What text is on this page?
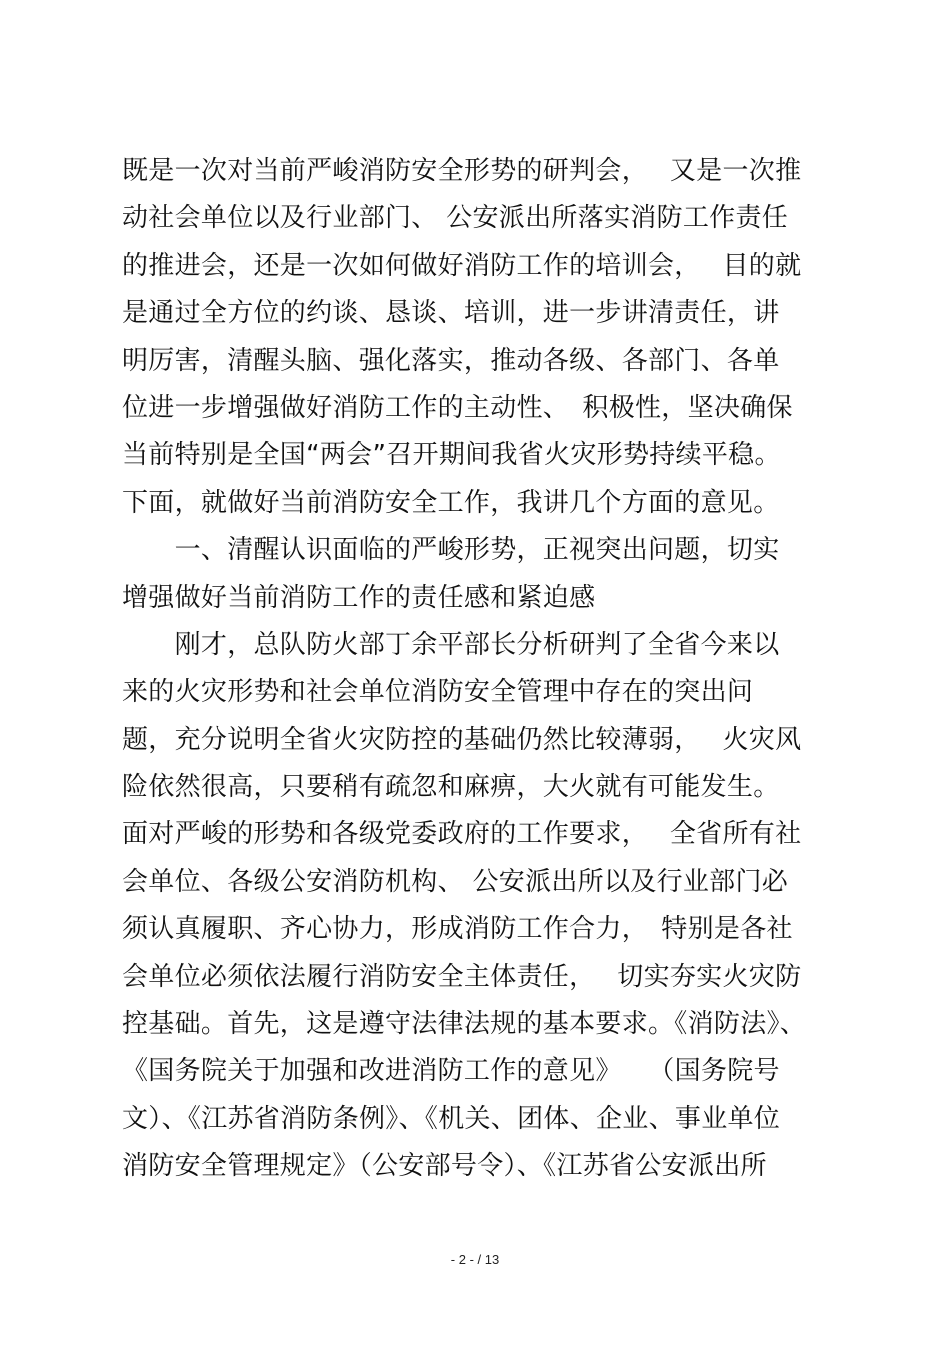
既是一次对当前严峻消防安全形势的研判会，　 又是一次推
动社会单位以及行业部门、 公安派出所落实消防工作责任
的推进会，还是一次如何做好消防工作的培训会，　 目的就
是通过全方位的约谈、恳谈、培训，进一步讲清责任，讲
明厉害，清醒头脑、强化落实，推动各级、各部门、各单
位进一步增强做好消防工作的主动性、　积极性，坚决确保
当前特别是全国“两会”召开期间我省火灾形势持续平稳。
下面，就做好当前消防安全工作，我讲几个方面的意见。
　　一、清醒认识面临的严峻形势，正视突出问题，切实
增强做好当前消防工作的责任感和紧迫感
　　刚才，总队防火部丁余平部长分析研判了全省今来以
来的火灾形势和社会单位消防安全管理中存在的突出问
题，充分说明全省火灾防控的基础仍然比较薄弱，　 火灾风
险依然很高，只要稍有疏忽和麻痹，大火就有可能发生。
面对严峻的形势和各级党委政府的工作要求，　 全省所有社
会单位、各级公安消防机构、 公安派出所以及行业部门必
须认真履职、齐心协力，形成消防工作合力，　特别是各社
会单位必须依法履行消防安全主体责任，　 切实夯实火灾防
控基础。首先，这是遵守法律法规的基本要求。《消防法》、
《国务院关于加强和改进消防工作的意见》　　（国务院号
文）、《江苏省消防条例》、《机关、团体、企业、事业单位
消防安全管理规定》（公安部号令）、《江苏省公安派出所
- 2 - / 13
